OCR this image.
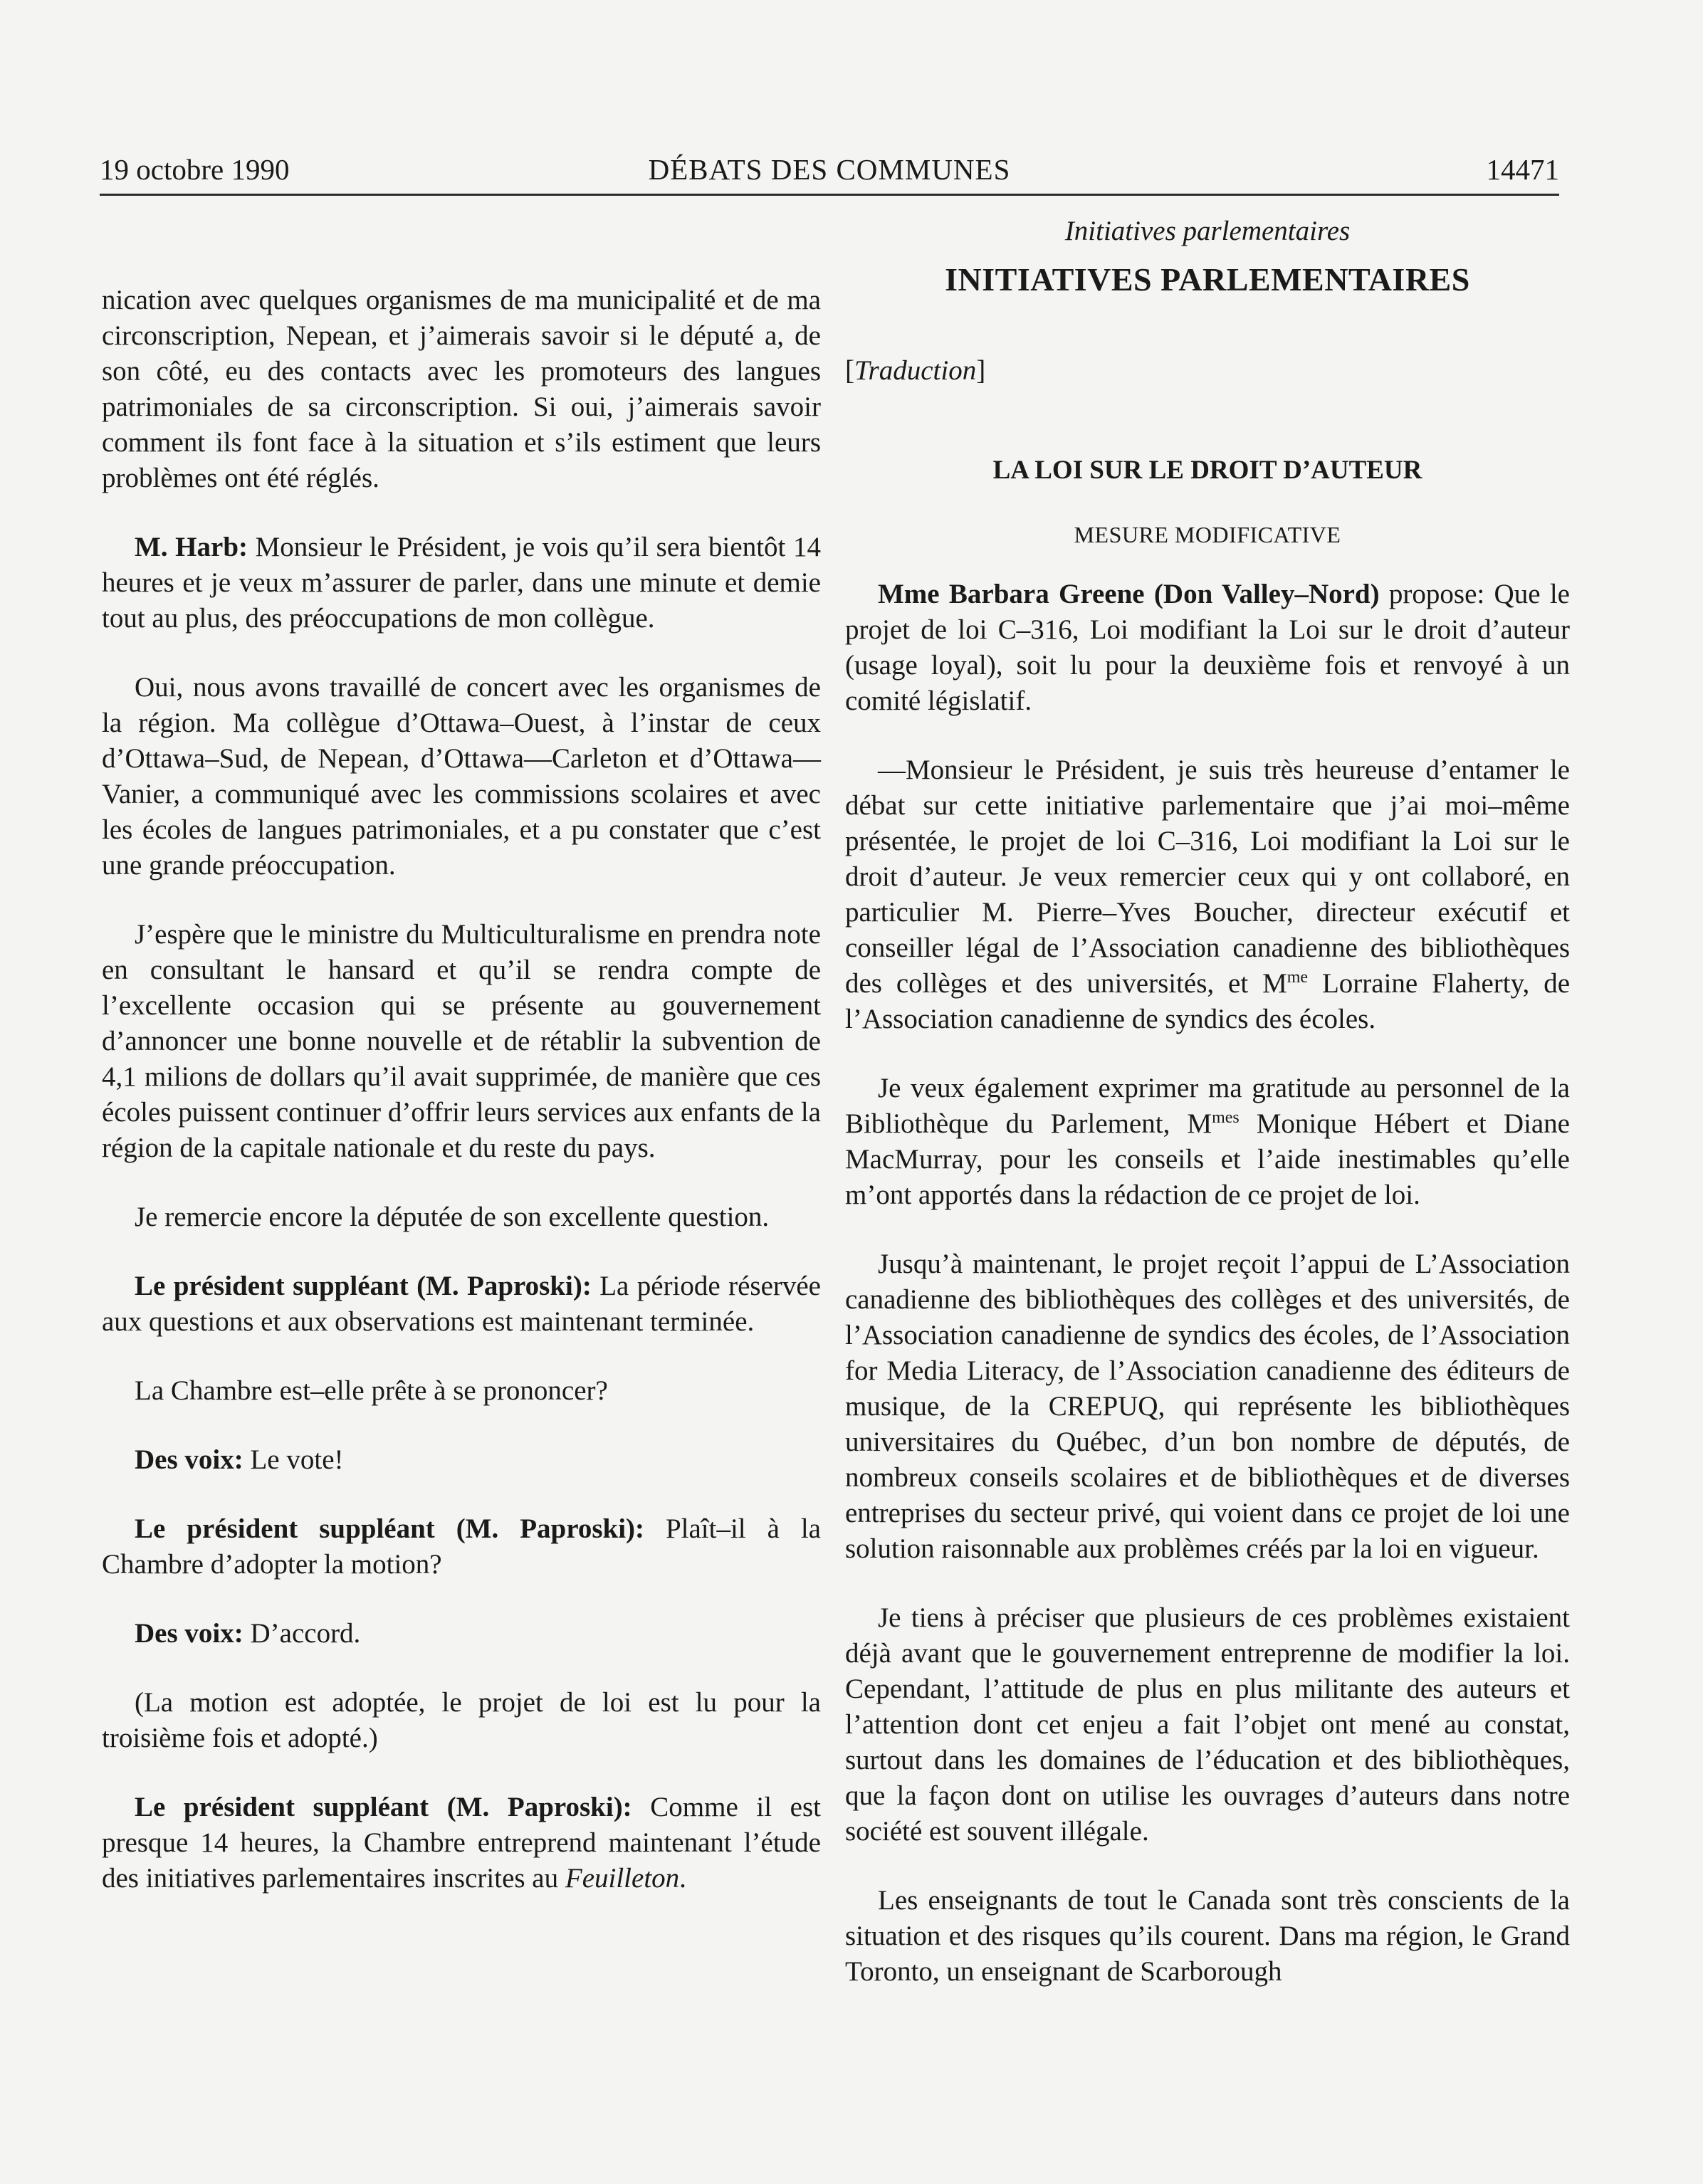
19 octobre 1990	DÉBATS DES COMMUNES	14471

nication avec quelques organismes de ma municipalité et de ma circonscription, Nepean, et j’aimerais savoir si le député a, de son côté, eu des contacts avec les promoteurs des langues patrimoniales de sa circonscription. Si oui, j’aimerais savoir comment ils font face à la situation et s’ils estiment que leurs problèmes ont été réglés.

M. Harb: Monsieur le Président, je vois qu’il sera bientôt 14 heures et je veux m’assurer de parler, dans une minute et demie tout au plus, des préoccupations de mon collègue.

Oui, nous avons travaillé de concert avec les organismes de la région. Ma collègue d’Ottawa–Ouest, à l’instar de ceux d’Ottawa–Sud, de Nepean, d’Ottawa—Carleton et d’Ottawa—Vanier, a communiqué avec les commissions scolaires et avec les écoles de langues patrimoniales, et a pu constater que c’est une grande préoccupation.

J’espère que le ministre du Multiculturalisme en prendra note en consultant le hansard et qu’il se rendra compte de l’excellente occasion qui se présente au gouvernement d’annoncer une bonne nouvelle et de rétablir la subvention de 4,1 milions de dollars qu’il avait supprimée, de manière que ces écoles puissent continuer d’offrir leurs services aux enfants de la région de la capitale nationale et du reste du pays.

Je remercie encore la députée de son excellente question.

Le président suppléant (M. Paproski): La période réservée aux questions et aux observations est maintenant terminée.

La Chambre est–elle prête à se prononcer?

Des voix: Le vote!

Le président suppléant (M. Paproski): Plaît–il à la Chambre d’adopter la motion?

Des voix: D’accord.

(La motion est adoptée, le projet de loi est lu pour la troisième fois et adopté.)

Le président suppléant (M. Paproski): Comme il est presque 14 heures, la Chambre entreprend maintenant l’étude des initiatives parlementaires inscrites au Feuilleton.

Initiatives parlementaires

INITIATIVES PARLEMENTAIRES

[Traduction]

LA LOI SUR LE DROIT D’AUTEUR

MESURE MODIFICATIVE

Mme Barbara Greene (Don Valley–Nord) propose: Que le projet de loi C–316, Loi modifiant la Loi sur le droit d’auteur (usage loyal), soit lu pour la deuxième fois et renvoyé à un comité législatif.

—Monsieur le Président, je suis très heureuse d’entamer le débat sur cette initiative parlementaire que j’ai moi–même présentée, le projet de loi C–316, Loi modifiant la Loi sur le droit d’auteur. Je veux remercier ceux qui y ont collaboré, en particulier M. Pierre–Yves Boucher, directeur exécutif et conseiller légal de l’Association canadienne des bibliothèques des collèges et des universités, et $M^{me}$ Lorraine Flaherty, de l’Association canadienne de syndics des écoles.

Je veux également exprimer ma gratitude au personnel de la Bibliothèque du Parlement, $M^{mes}$ Monique Hébert et Diane MacMurray, pour les conseils et l’aide inestimables qu’elle m’ont apportés dans la rédaction de ce projet de loi.

Jusqu’à maintenant, le projet reçoit l’appui de L’Association canadienne des bibliothèques des collèges et des universités, de l’Association canadienne de syndics des écoles, de l’Association for Media Literacy, de l’Association canadienne des éditeurs de musique, de la CREPUQ, qui représente les bibliothèques universitaires du Québec, d’un bon nombre de députés, de nombreux conseils scolaires et de bibliothèques et de diverses entreprises du secteur privé, qui voient dans ce projet de loi une solution raisonnable aux problèmes créés par la loi en vigueur.

Je tiens à préciser que plusieurs de ces problèmes existaient déjà avant que le gouvernement entreprenne de modifier la loi. Cependant, l’attitude de plus en plus militante des auteurs et l’attention dont cet enjeu a fait l’objet ont mené au constat, surtout dans les domaines de l’éducation et des bibliothèques, que la façon dont on utilise les ouvrages d’auteurs dans notre société est souvent illégale.

Les enseignants de tout le Canada sont très conscients de la situation et des risques qu’ils courent. Dans ma région, le Grand Toronto, un enseignant de Scarborough
